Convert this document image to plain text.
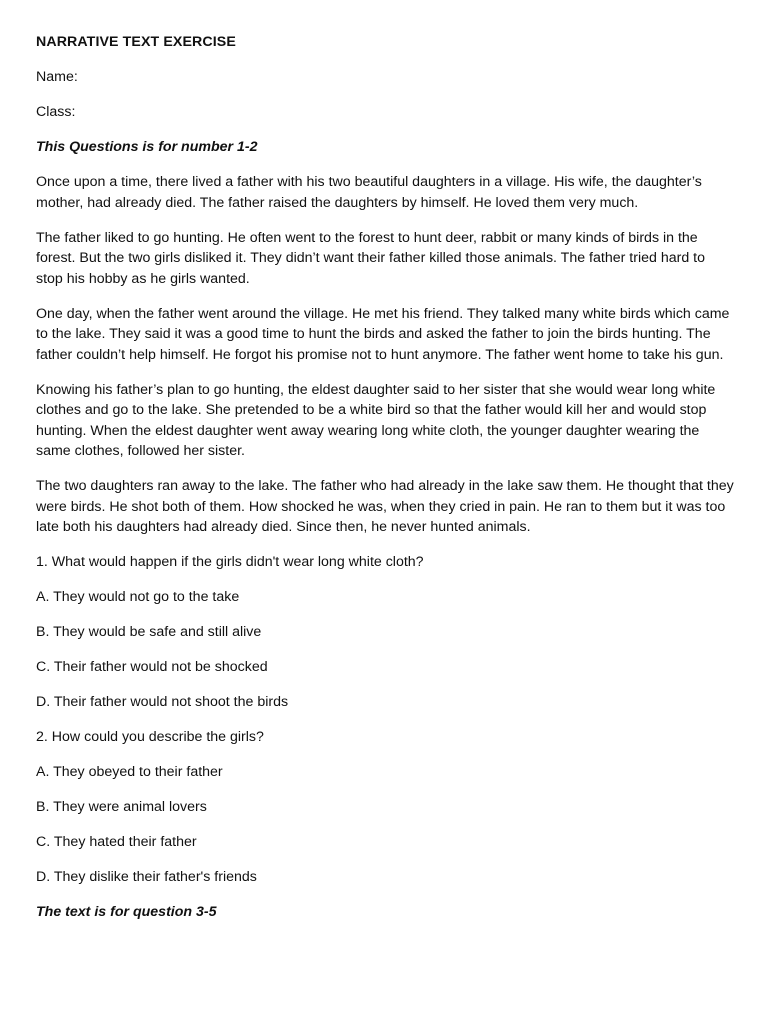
NARRATIVE TEXT EXERCISE

Name:

Class:

This Questions is for number 1-2

Once upon a time, there lived a father with his two beautiful daughters in a village. His wife, the daughter’s mother, had already died. The father raised the daughters by himself. He loved them very much.

The father liked to go hunting. He often went to the forest to hunt deer, rabbit or many kinds of birds in the forest. But the two girls disliked it. They didn’t want their father killed those animals. The father tried hard to stop his hobby as he girls wanted.

One day, when the father went around the village. He met his friend. They talked many white birds which came to the lake. They said it was a good time to hunt the birds and asked the father to join the birds hunting. The father couldn’t help himself. He forgot his promise not to hunt anymore. The father went home to take his gun.

Knowing his father’s plan to go hunting, the eldest daughter said to her sister that she would wear long white clothes and go to the lake. She pretended to be a white bird so that the father would kill her and would stop hunting. When the eldest daughter went away wearing long white cloth, the younger daughter wearing the same clothes, followed her sister.

The two daughters ran away to the lake. The father who had already in the lake saw them. He thought that they were birds. He shot both of them. How shocked he was, when they cried in pain. He ran to them but it was too late both his daughters had already died. Since then, he never hunted animals.

1. What would happen if the girls didn't wear long white cloth?

A. They would not go to the take

B. They would be safe and still alive

C. Their father would not be shocked

D. Their father would not shoot the birds

2. How could you describe the girls?

A. They obeyed to their father

B. They were animal lovers

C. They hated their father

D. They dislike their father's friends

The text is for question 3-5
